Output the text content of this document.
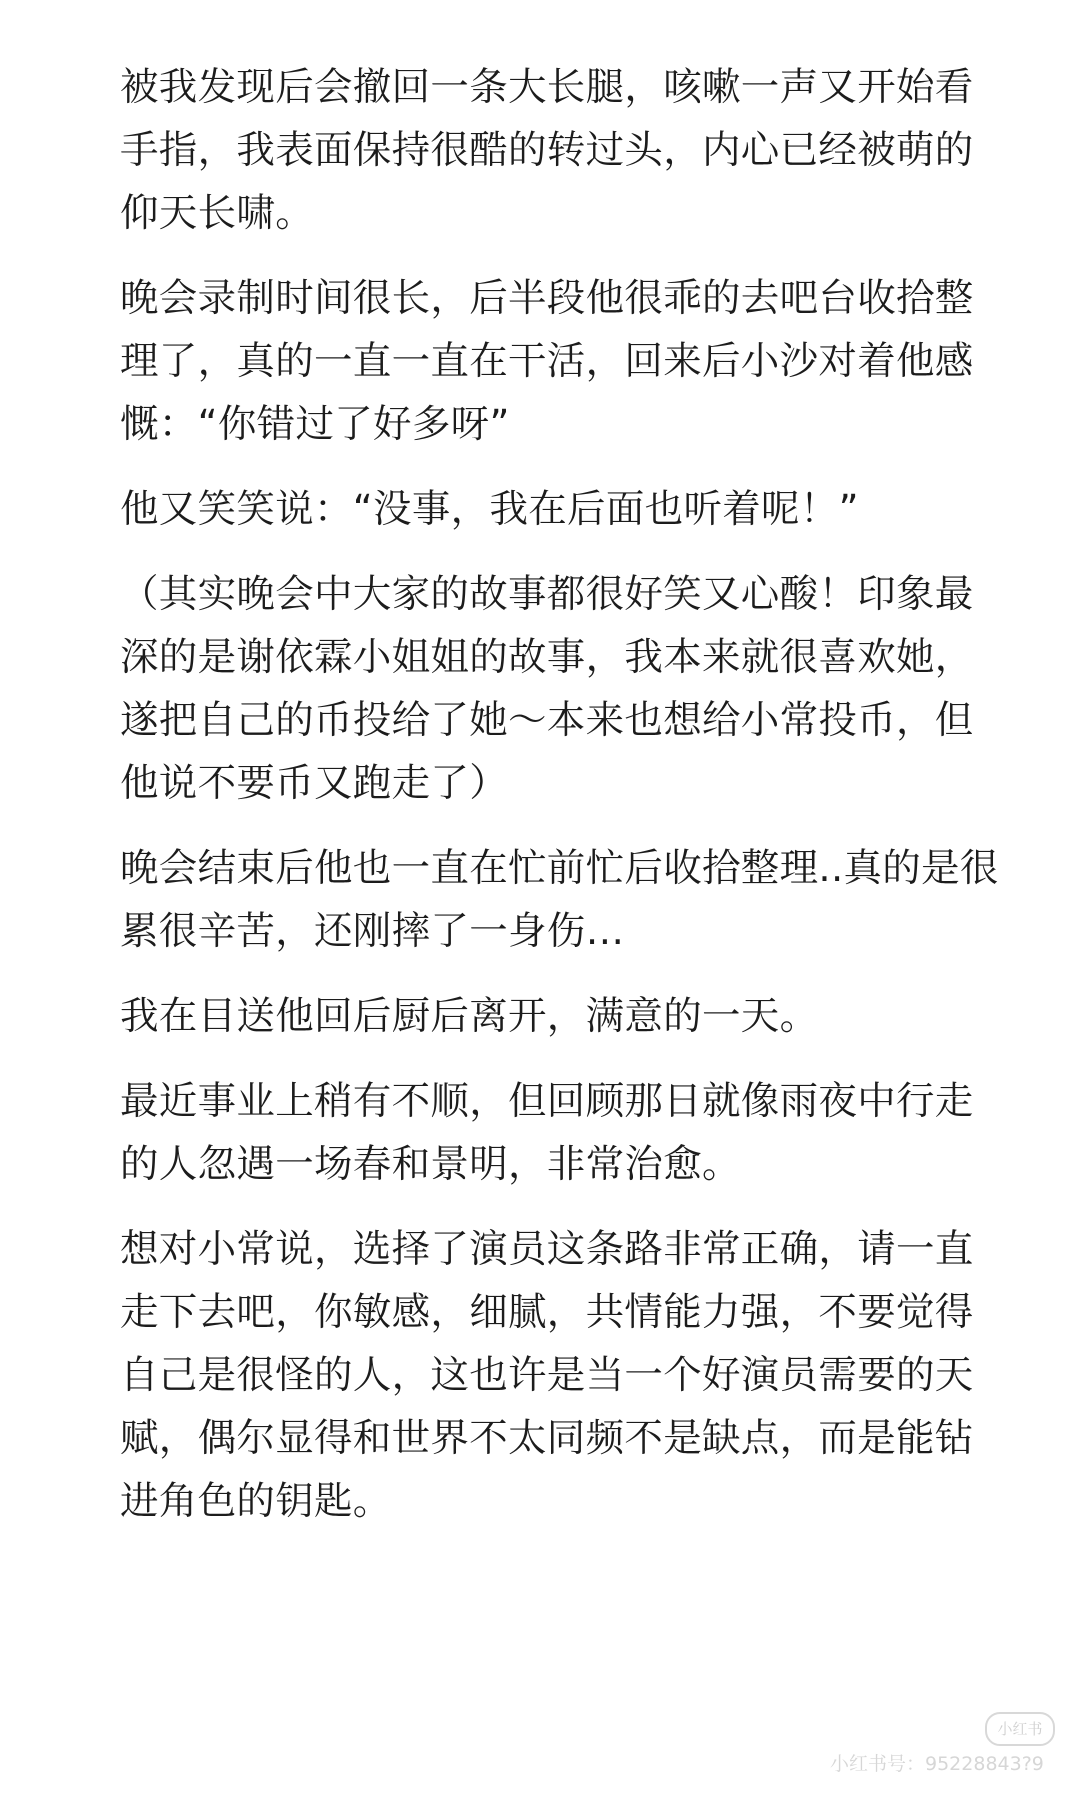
被我发现后会撤回一条大长腿，咳嗽一声又开始看
手指，我表面保持很酷的转过头，内心已经被萌的
仰天长啸。

晚会录制时间很长，后半段他很乖的去吧台收拾整
理了，真的一直一直在干活，回来后小沙对着他感
慨：“你错过了好多呀”

他又笑笑说：“没事，我在后面也听着呢！”

（其实晚会中大家的故事都很好笑又心酸！印象最
深的是谢依霖小姐姐的故事，我本来就很喜欢她，
遂把自己的币投给了她～本来也想给小常投币，但
他说不要币又跑走了）

晚会结束后他也一直在忙前忙后收拾整理..真的是很
累很辛苦，还刚摔了一身伤…

我在目送他回后厨后离开，满意的一天。

最近事业上稍有不顺，但回顾那日就像雨夜中行走
的人忽遇一场春和景明，非常治愈。

想对小常说，选择了演员这条路非常正确，请一直
走下去吧，你敏感，细腻，共情能力强，不要觉得
自己是很怪的人，这也许是当一个好演员需要的天
赋，偶尔显得和世界不太同频不是缺点，而是能钻
进角色的钥匙。

小红书
小红书号：95228843?9
